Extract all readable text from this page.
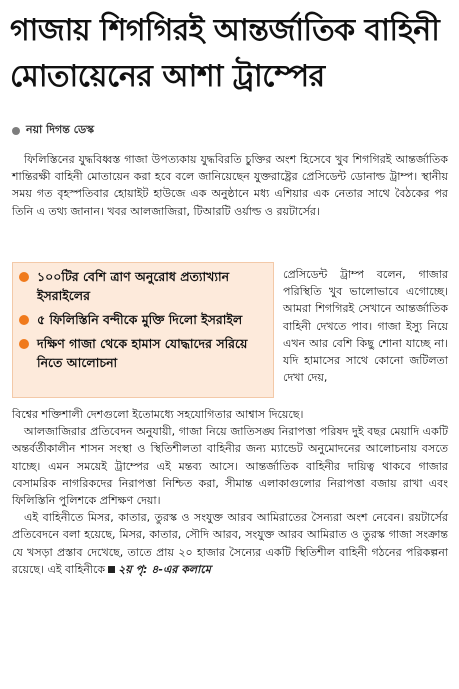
গাজায় শিগগিরই আন্তর্জাতিক বাহিনী
মোতায়েনের আশা ট্রাম্পের
নয়া দিগন্ত ডেস্ক

ফিলিস্তিনের যুদ্ধবিধ্বস্ত গাজা উপত্যকায় যুদ্ধবিরতি চুক্তির অংশ হিসেবে খুব শিগগিরই আন্তর্জাতিক শান্তিরক্ষী বাহিনী মোতায়েন করা হবে বলে জানিয়েছেন যুক্তরাষ্ট্রের প্রেসিডেন্ট ডোনাল্ড ট্রাম্প। স্থানীয় সময় গত বৃহস্পতিবার হোয়াইট হাউজে এক অনুষ্ঠানে মধ্য এশিয়ার এক নেতার সাথে বৈঠকের পর তিনি এ তথ্য জানান। খবর আলজাজিরা, টিআরটি ওর্য়াল্ড ও রয়টার্সের।

১০০টির বেশি ত্রাণ অনুরোধ প্রত্যাখ্যান ইসরাইলের
৫ ফিলিস্তিনি বন্দীকে মুক্তি দিলো ইসরাইল
দক্ষিণ গাজা থেকে হামাস যোদ্ধাদের সরিয়ে নিতে আলোচনা
প্রেসিডেন্ট ট্রাম্প বলেন, গাজার পরিস্থিতি খুব ভালোভাবে এগোচ্ছে। আমরা শিগগিরই সেখানে আন্তর্জাতিক বাহিনী দেখতে পাব। গাজা ইস্যু নিয়ে এখন আর বেশি কিছু শোনা যাচ্ছে না। যদি হামাসের সাথে কোনো জটিলতা দেখা দেয়,

বিশ্বের শক্তিশালী দেশগুলো ইতোমধ্যে সহযোগিতার আশ্বাস দিয়েছে।

আলজাজিরার প্রতিবেদন অনুযায়ী, গাজা নিয়ে জাতিসঙ্ঘ নিরাপত্তা পরিষদ দুই বছর মেয়াদি একটি অন্তর্বর্তীকালীন শাসন সংস্থা ও স্থিতিশীলতা বাহিনীর জন্য ম্যান্ডেট অনুমোদনের আলোচনায় বসতে যাচ্ছে। এমন সময়েই ট্রাম্পের এই মন্তব্য আসে। আন্তর্জাতিক বাহিনীর দায়িত্ব থাকবে গাজার বেসামরিক নাগরিকদের নিরাপত্তা নিশ্চিত করা, সীমান্ত এলাকাগুলোর নিরাপত্তা বজায় রাখা এবং ফিলিস্তিনি পুলিশকে প্রশিক্ষণ দেয়া।

এই বাহিনীতে মিসর, কাতার, তুরস্ক ও সংযুক্ত আরব আমিরাতের সৈন্যরা অংশ নেবেন। রয়টার্সের প্রতিবেদনে বলা হয়েছে, মিসর, কাতার, সৌদি আরব, সংযুক্ত আরব আমিরাত ও তুরস্ক গাজা সংক্রান্ত যে খসড়া প্রস্তাব দেখেছে, তাতে প্রায় ২০ হাজার সৈন্যের একটি স্থিতিশীল বাহিনী গঠনের পরিকল্পনা রয়েছে। এই বাহিনীকে ২য় পৃ: ৪-এর কলামে
